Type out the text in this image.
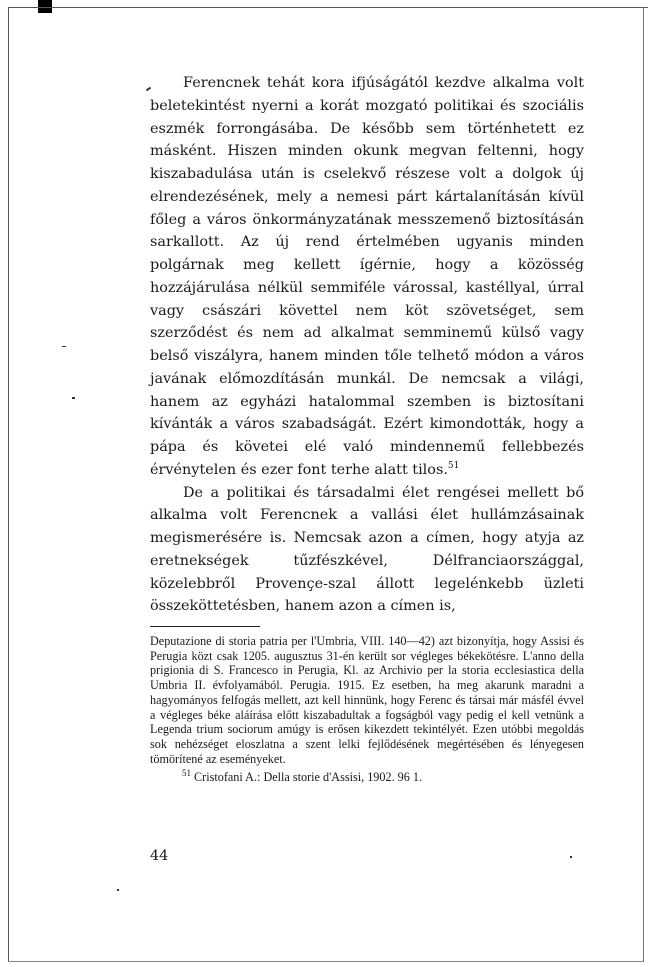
Ferencnek tehát kora ifjúságától kezdve alkalma volt beletekintést nyerni a korát mozgató politikai és szociális eszmék forrongásába. De később sem történhetett ez másként. Hiszen minden okunk megvan feltenni, hogy kiszabadulása után is cselekvő részese volt a dolgok új elrendezésének, mely a nemesi párt kártalanításán kívül főleg a város önkormányzatának messzemenő biztosításán sarkallott. Az új rend értelmében ugyanis minden polgárnak meg kellett ígérnie, hogy a közösség hozzájárulása nélkül semmiféle várossal, kastéllyal, úrral vagy császári követtel nem köt szövetséget, sem szerződést és nem ad alkalmat semminemű külső vagy belső viszályra, hanem minden tőle telhető módon a város javának előmozdításán munkál. De nemcsak a világi, hanem az egyházi hatalommal szemben is biztosítani kívánták a város szabadságát. Ezért kimondották, hogy a pápa és követei elé való mindennemű fellebbezés érvénytelen és ezer font terhe alatt tilos.$^{51}$

De a politikai és társadalmi élet rengései mellett bő alkalma volt Ferencnek a vallási élet hullámzásainak megismerésére is. Nemcsak azon a címen, hogy atyja az eretnekségek tűzfészkével, Délfranciaországgal, közelebbről Provençe-szal állott legelénkebb üzleti összeköttetésben, hanem azon a címen is,

Deputazione di storia patria per l'Umbria, VIII. 140—42) azt bizonyítja, hogy Assisi és Perugia közt csak 1205. augusztus 31-én került sor végleges békekötésre. L'anno della prigionia di S. Francesco in Perugia, Kl. az Archivio per la storia ecclesiastica della Umbria II. évfolyamából. Perugia. 1915. Ez esetben, ha meg akarunk maradni a hagyományos felfogás mellett, azt kell hinnünk, hogy Ferenc és társai már másfél évvel a végleges béke aláírása előtt kiszabadultak a fogságból vagy pedig el kell vetnünk a Legenda trium sociorum amúgy is erősen kikezdett tekintélyét. Ezen utóbbi megoldás sok nehézséget eloszlatna a szent lelki fejlődésének megértésében és lényegesen tömörítené az eseményeket.

$^{51}$ Cristofani A.: Della storie d'Assisi, 1902. 96 1.

44
